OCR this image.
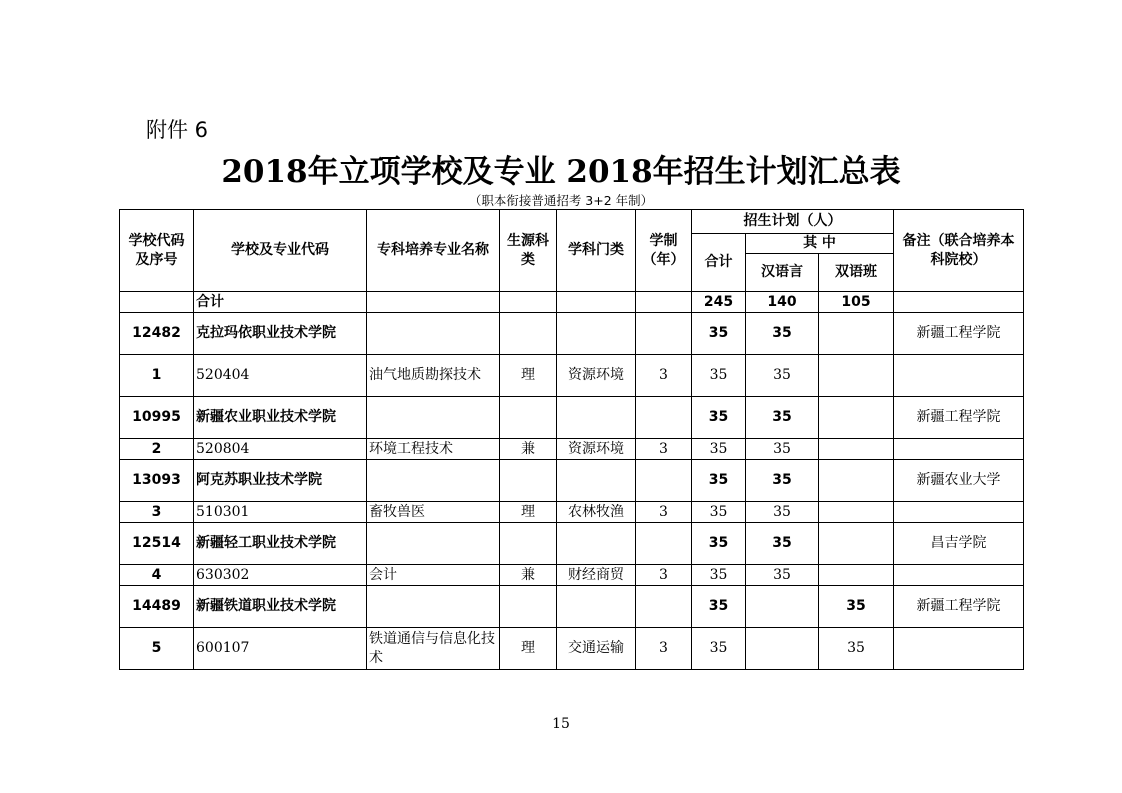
附件 6
2018年立项学校及专业 2018年招生计划汇总表
（职本衔接普通招考 3+2 年制）
学校代码及序号	学校及专业代码	专科培养专业名称	生源科类	学科门类	学制（年）	招生计划（人）			备注（联合培养本科院校）
						合计	其 中		
							汉语言	双语班	
	合计					245	140	105	
12482	克拉玛依职业技术学院					35	35		新疆工程学院
1	520404	油气地质勘探技术	理	资源环境	3	35	35		
10995	新疆农业职业技术学院					35	35		新疆工程学院
2	520804	环境工程技术	兼	资源环境	3	35	35		
13093	阿克苏职业技术学院					35	35		新疆农业大学
3	510301	畜牧兽医	理	农林牧渔	3	35	35		
12514	新疆轻工职业技术学院					35	35		昌吉学院
4	630302	会计	兼	财经商贸	3	35	35		
14489	新疆铁道职业技术学院					35		35	新疆工程学院
5	600107	铁道通信与信息化技术	理	交通运输	3	35		35	
15
